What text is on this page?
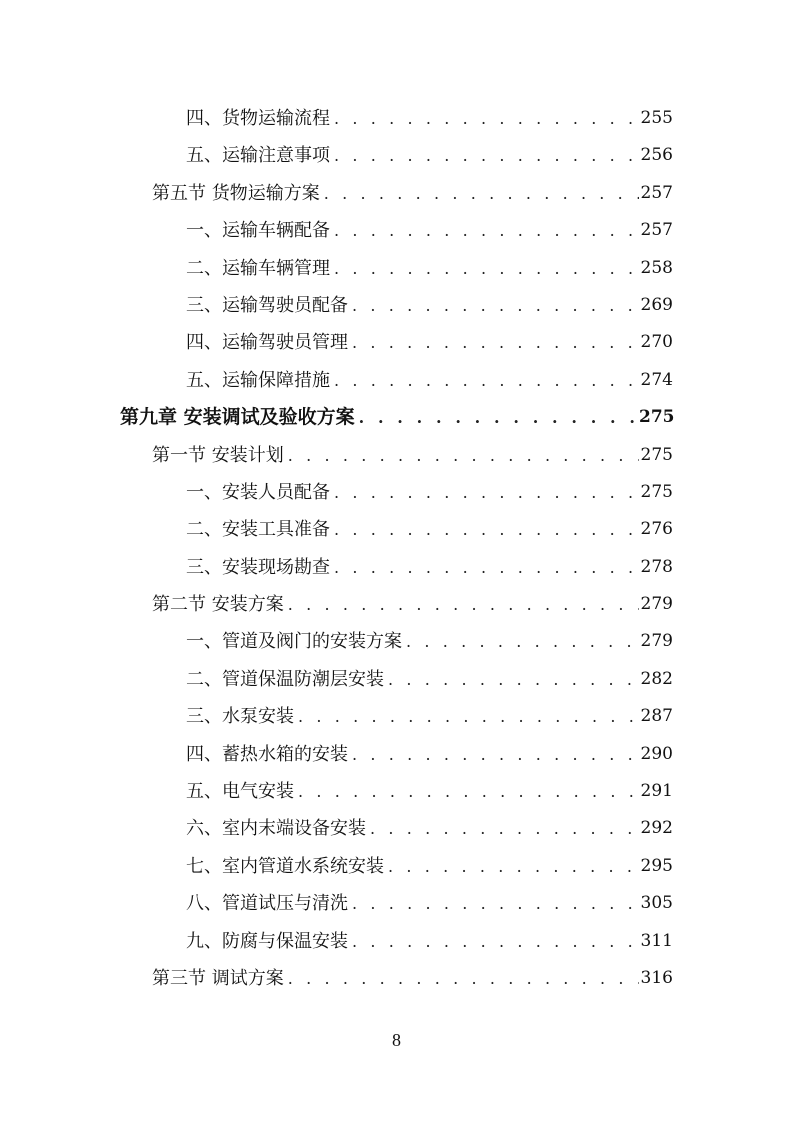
四、货物运输流程 . . .	255
五、运输注意事项 . . .	256
第五节 货物运输方案 . . .	257
一、运输车辆配备 . . .	257
二、运输车辆管理 . . .	258
三、运输驾驶员配备 . . .	269
四、运输驾驶员管理 . . .	270
五、运输保障措施 . . .	274
第九章 安装调试及验收方案 . . .	275
第一节 安装计划 . . .	275
一、安装人员配备 . . .	275
二、安装工具准备 . . .	276
三、安装现场勘查 . . .	278
第二节 安装方案 . . .	279
一、管道及阀门的安装方案 . . .	279
二、管道保温防潮层安装 . . .	282
三、水泵安装 . . .	287
四、蓄热水箱的安装 . . .	290
五、电气安装 . . .	291
六、室内末端设备安装 . . .	292
七、室内管道水系统安装 . . .	295
八、管道试压与清洗 . . .	305
九、防腐与保温安装 . . .	311
第三节 调试方案 . . .	316
8
